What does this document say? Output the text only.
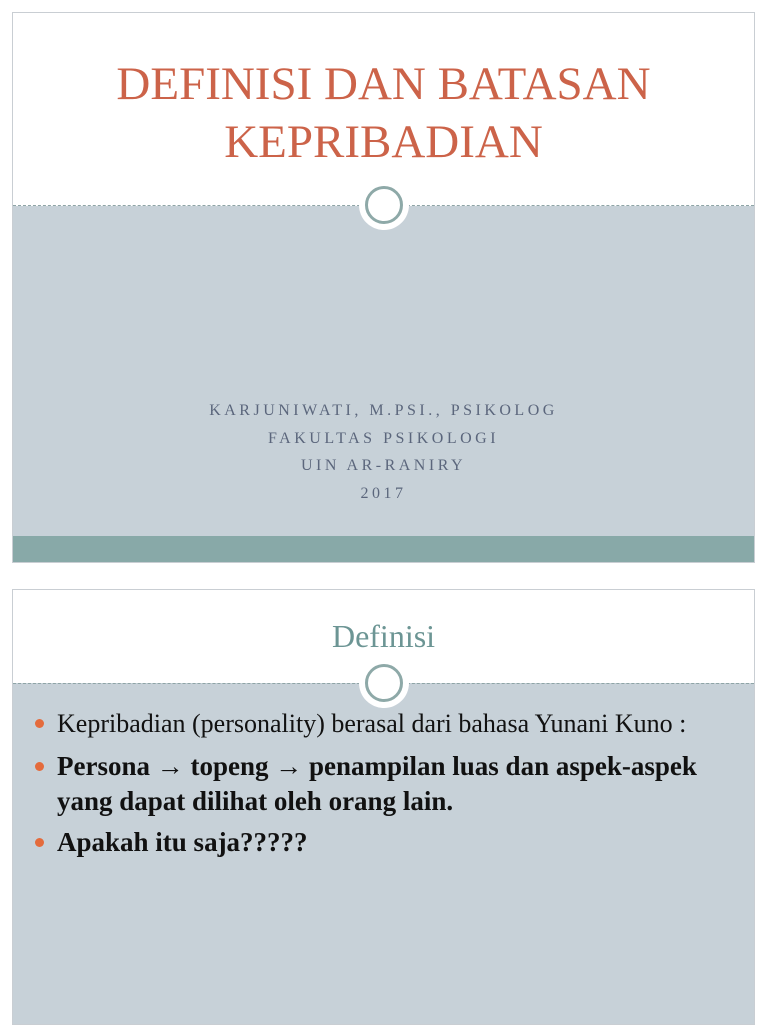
DEFINISI DAN BATASAN
KEPRIBADIAN
KARJUNIWATI, M.PSI., PSIKOLOG
FAKULTAS PSIKOLOGI
UIN AR-RANIRY
2017
Definisi
Kepribadian (personality) berasal dari bahasa Yunani Kuno :
Persona → topeng → penampilan luas dan aspek-aspek yang dapat dilihat oleh orang lain.
Apakah itu saja?????
